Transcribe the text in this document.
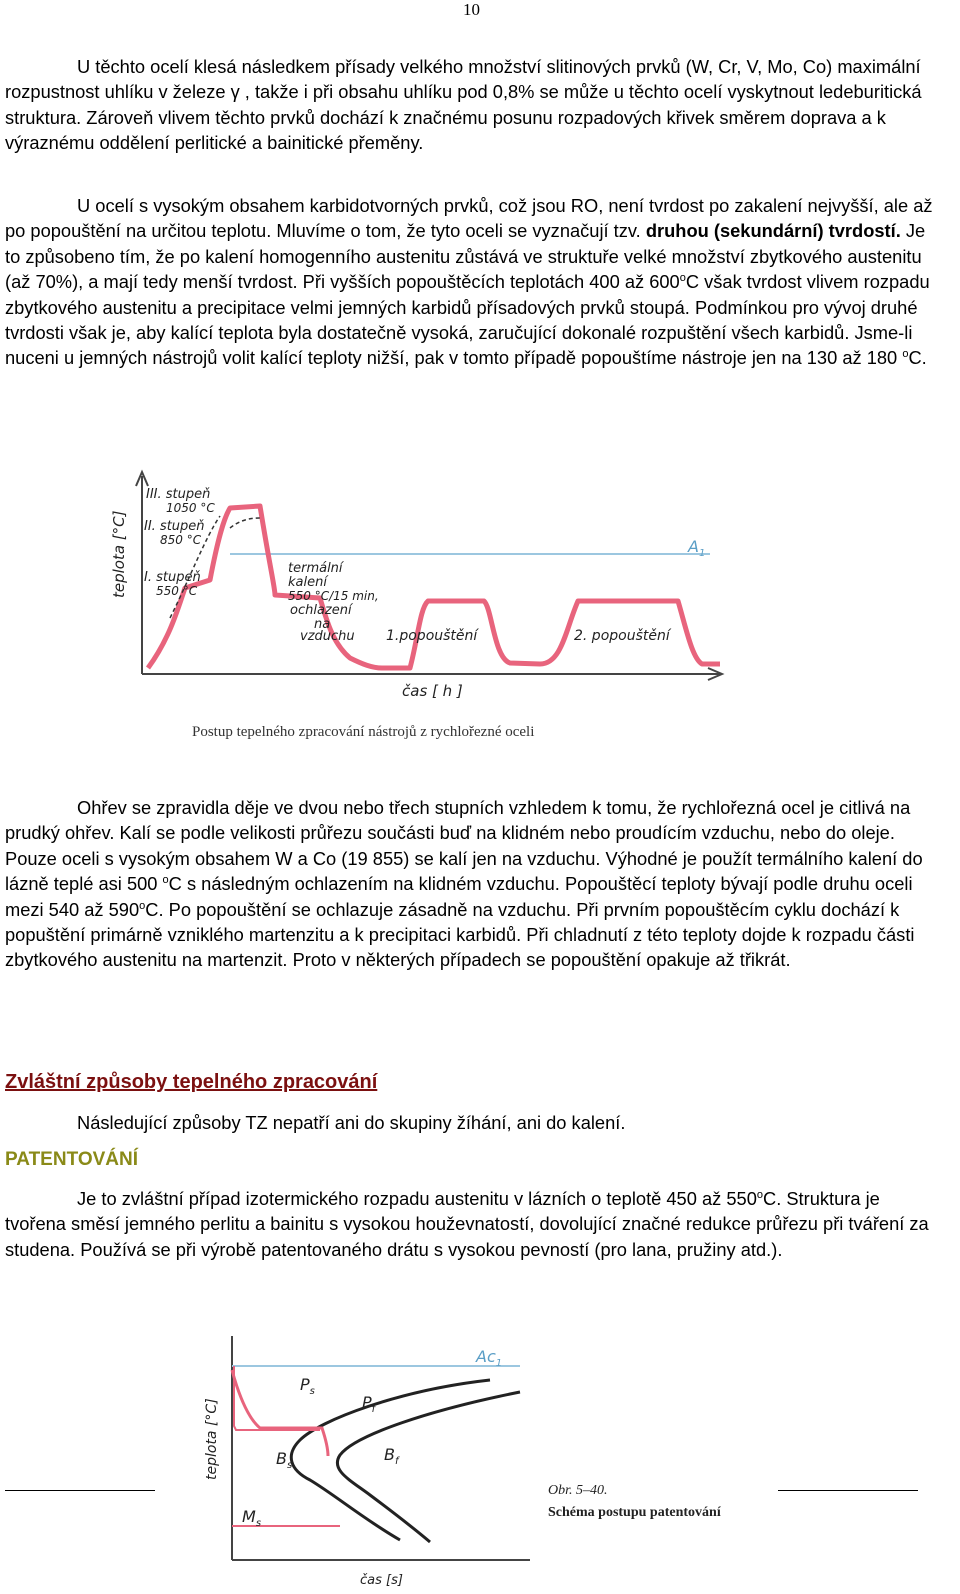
10

U těchto ocelí klesá následkem přísady velkého množství slitinových prvků (W, Cr, V, Mo, Co) maximální rozpustnost uhlíku v železe γ , takže i při obsahu uhlíku pod 0,8% se může u těchto ocelí vyskytnout ledeburitická struktura. Zároveň vlivem těchto prvků dochází k značnému posunu rozpadových křivek směrem doprava a k výraznému oddělení perlitické a bainitické přeměny.

U ocelí s vysokým obsahem karbidotvorných prvků, což jsou RO, není tvrdost po zakalení nejvyšší, ale až po popouštění na určitou teplotu. Mluvíme o tom, že tyto oceli se vyznačují tzv. druhou (sekundární) tvrdostí. Je to způsobeno tím, že po kalení homogenního austenitu zůstává ve struktuře velké množství zbytkového austenitu (až 70%), a mají tedy menší tvrdost. Při vyšších popouštěcích teplotách 400 až 600$^o$C však tvrdost vlivem rozpadu zbytkového austenitu a precipitace velmi jemných karbidů přísadových prvků stoupá. Podmínkou pro vývoj druhé tvrdosti však je, aby kalící teplota byla dostatečně vysoká, zaručující dokonalé rozpuštění všech karbidů. Jsme-li nuceni u jemných nástrojů volit kalící teploty nižší, pak v tomto případě popouštíme nástroje jen na 130 až 180 $^o$C.

$A_1$
teplota [°C]
III. stupeň
1050 °C
II. stupeň
850 °C
I. stupeň
550 °C
termální
kalení
550 °C/15 min,
ochlazení
na
vzduchu 1.popouštění	2. popouštění
čas [ h ]
Postup tepelného zpracování nástrojů z rychlořezné oceli

Ohřev se zpravidla děje ve dvou nebo třech stupních vzhledem k tomu, že rychlořezná ocel je citlivá na prudký ohřev. Kalí se podle velikosti průřezu součásti buď na klidném nebo proudícím vzduchu, nebo do oleje. Pouze oceli s vysokým obsahem W a Co (19 855) se kalí jen na vzduchu. Výhodné je použít termálního kalení do lázně teplé asi 500 $^o$C s následným ochlazením na klidném vzduchu. Popouštěcí teploty bývají podle druhu oceli mezi 540 až 590$^o$C. Po popouštění se ochlazuje zásadně na vzduchu. Při prvním popouštěcím cyklu dochází k popuštění primárně vzniklého martenzitu a k precipitaci karbidů. Při chladnutí z této teploty dojde k rozpadu části zbytkového austenitu na martenzit. Proto v některých případech se popouštění opakuje až třikrát.

Zvláštní způsoby tepelného zpracování

Následující způsoby TZ nepatří ani do skupiny žíhání, ani do kalení.

PATENTOVÁNÍ

Je to zvláštní případ izotermického rozpadu austenitu v lázních o teplotě 450 až 550$^o$C. Struktura je tvořena směsí jemného perlitu a bainitu s vysokou houževnatostí, dovolující značné redukce průřezu při tváření za studena. Používá se při výrobě patentovaného drátu s vysokou pevností (pro lana, pružiny atd.).

$Ac_1$
teplota [°C]
$P_s$
$P_f$
$B_s$
$B_f$
$M_s$
Obr. 5–40.
Schéma postupu patentování
čas [s]
